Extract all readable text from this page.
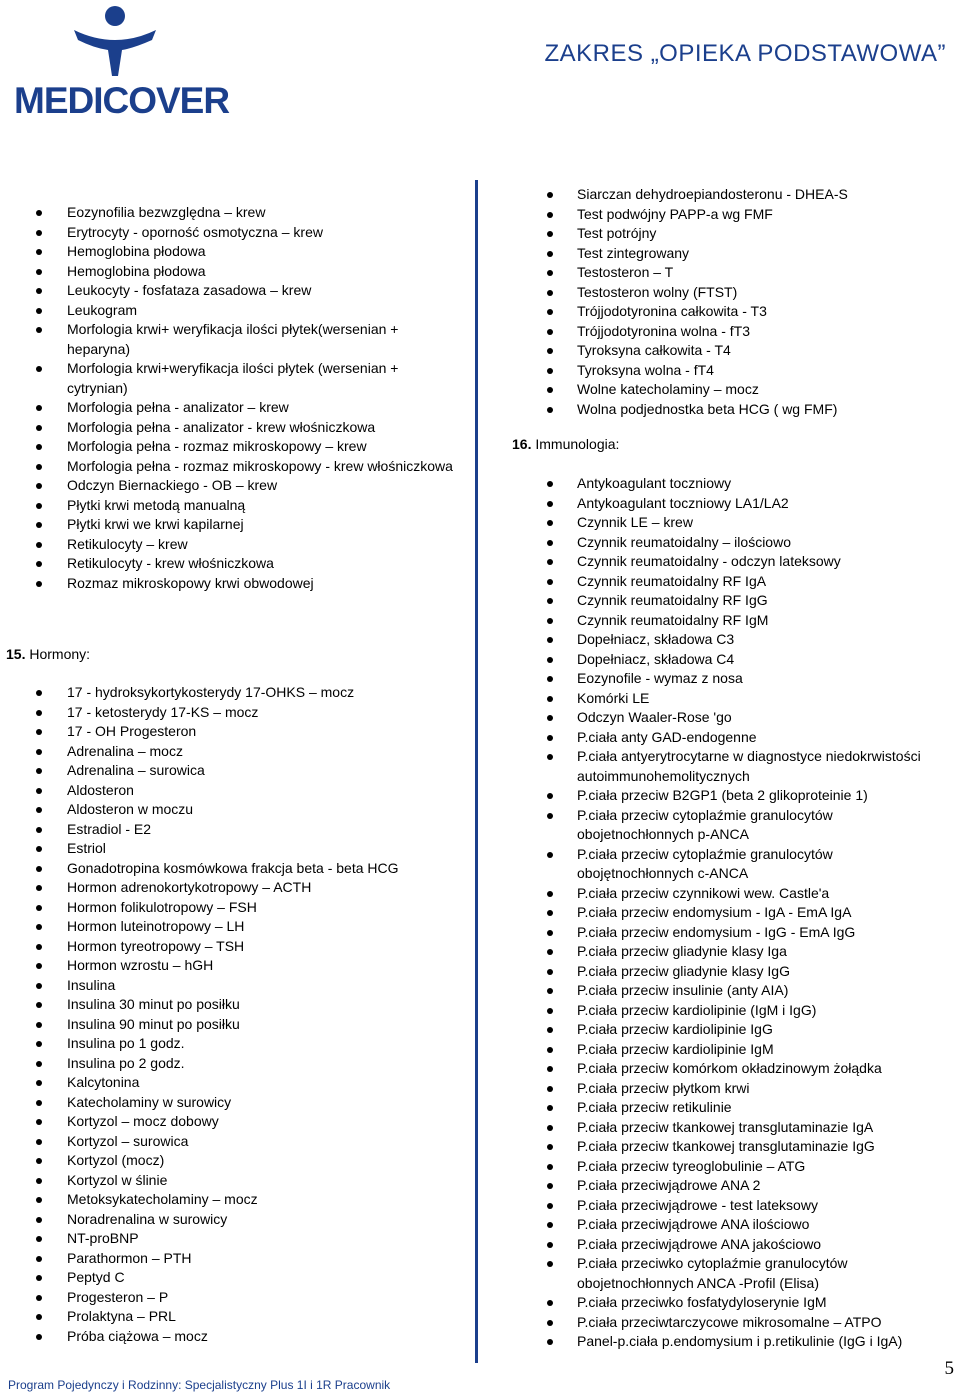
MEDICOVER
ZAKRES „OPIEKA PODSTAWOWA”
Eozynofilia bezwzględna – krew
Erytrocyty - oporność osmotyczna – krew
Hemoglobina płodowa
Hemoglobina płodowa
Leukocyty - fosfataza zasadowa – krew
Leukogram
Morfologia krwi+ weryfikacja ilości płytek(wersenian + heparyna)
Morfologia krwi+weryfikacja ilości płytek (wersenian + cytrynian)
Morfologia pełna - analizator – krew
Morfologia pełna - analizator - krew włośniczkowa
Morfologia pełna - rozmaz mikroskopowy – krew
Morfologia pełna - rozmaz mikroskopowy - krew włośniczkowa
Odczyn Biernackiego - OB – krew
Płytki krwi metodą manualną
Płytki krwi we krwi kapilarnej
Retikulocyty – krew
Retikulocyty - krew włośniczkowa
Rozmaz mikroskopowy krwi obwodowej
15. Hormony:
17 - hydroksykortykosterydy 17-OHKS – mocz
17 - ketosterydy 17-KS – mocz
17 - OH Progesteron
Adrenalina – mocz
Adrenalina – surowica
Aldosteron
Aldosteron w moczu
Estradiol - E2
Estriol
Gonadotropina kosmówkowa frakcja beta - beta HCG
Hormon adrenokortykotropowy – ACTH
Hormon folikulotropowy – FSH
Hormon luteinotropowy – LH
Hormon tyreotropowy – TSH
Hormon wzrostu – hGH
Insulina
Insulina 30 minut po posiłku
Insulina 90 minut po posiłku
Insulina po 1 godz.
Insulina po 2 godz.
Kalcytonina
Katecholaminy w surowicy
Kortyzol – mocz dobowy
Kortyzol – surowica
Kortyzol (mocz)
Kortyzol w ślinie
Metoksykatecholaminy – mocz
Noradrenalina w surowicy
NT-proBNP
Parathormon – PTH
Peptyd C
Progesteron – P
Prolaktyna – PRL
Próba ciążowa – mocz
Siarczan dehydroepiandosteronu - DHEA-S
Test podwójny PAPP-a wg FMF
Test potrójny
Test zintegrowany
Testosteron – T
Testosteron wolny (FTST)
Trójjodotyronina całkowita - T3
Trójjodotyronina wolna - fT3
Tyroksyna całkowita - T4
Tyroksyna wolna - fT4
Wolne katecholaminy – mocz
Wolna podjednostka beta HCG ( wg FMF)
16. Immunologia:
Antykoagulant toczniowy
Antykoagulant toczniowy LA1/LA2
Czynnik LE – krew
Czynnik reumatoidalny – ilościowo
Czynnik reumatoidalny - odczyn lateksowy
Czynnik reumatoidalny RF IgA
Czynnik reumatoidalny RF IgG
Czynnik reumatoidalny RF IgM
Dopełniacz, składowa C3
Dopełniacz, składowa C4
Eozynofile - wymaz z nosa
Komórki LE
Odczyn Waaler-Rose 'go
P.ciała anty GAD-endogenne
P.ciała antyerytrocytarne w diagnostyce niedokrwistości autoimmunohemolitycznych
P.ciała przeciw B2GP1 (beta 2 glikoproteinie 1)
P.ciała przeciw cytoplaźmie granulocytów obojetnochłonnych p-ANCA
P.ciała przeciw cytoplaźmie granulocytów obojętnochłonnych c-ANCA
P.ciała przeciw czynnikowi wew. Castle'a
P.ciała przeciw endomysium - IgA - EmA IgA
P.ciała przeciw endomysium - IgG - EmA IgG
P.ciała przeciw gliadynie klasy Iga
P.ciała przeciw gliadynie klasy IgG
P.ciała przeciw insulinie (anty AIA)
P.ciała przeciw kardiolipinie (IgM i IgG)
P.ciała przeciw kardiolipinie IgG
P.ciała przeciw kardiolipinie IgM
P.ciała przeciw komórkom okładzinowym żołądka
P.ciała przeciw płytkom krwi
P.ciała przeciw retikulinie
P.ciała przeciw tkankowej transglutaminazie IgA
P.ciała przeciw tkankowej transglutaminazie IgG
P.ciała przeciw tyreoglobulinie – ATG
P.ciała przeciwjądrowe ANA 2
P.ciała przeciwjądrowe - test lateksowy
P.ciała przeciwjądrowe ANA ilościowo
P.ciała przeciwjądrowe ANA jakościowo
P.ciała przeciwko cytoplaźmie granulocytów obojetnochłonnych ANCA -Profil (Elisa)
P.ciała przeciwko fosfatydyloserynie IgM
P.ciała przeciwtarczycowe mikrosomalne – ATPO
Panel-p.ciała p.endomysium i p.retikulinie (IgG i IgA)
Program Pojedynczy i Rodzinny: Specjalistyczny Plus 1I i 1R Pracownik
5
